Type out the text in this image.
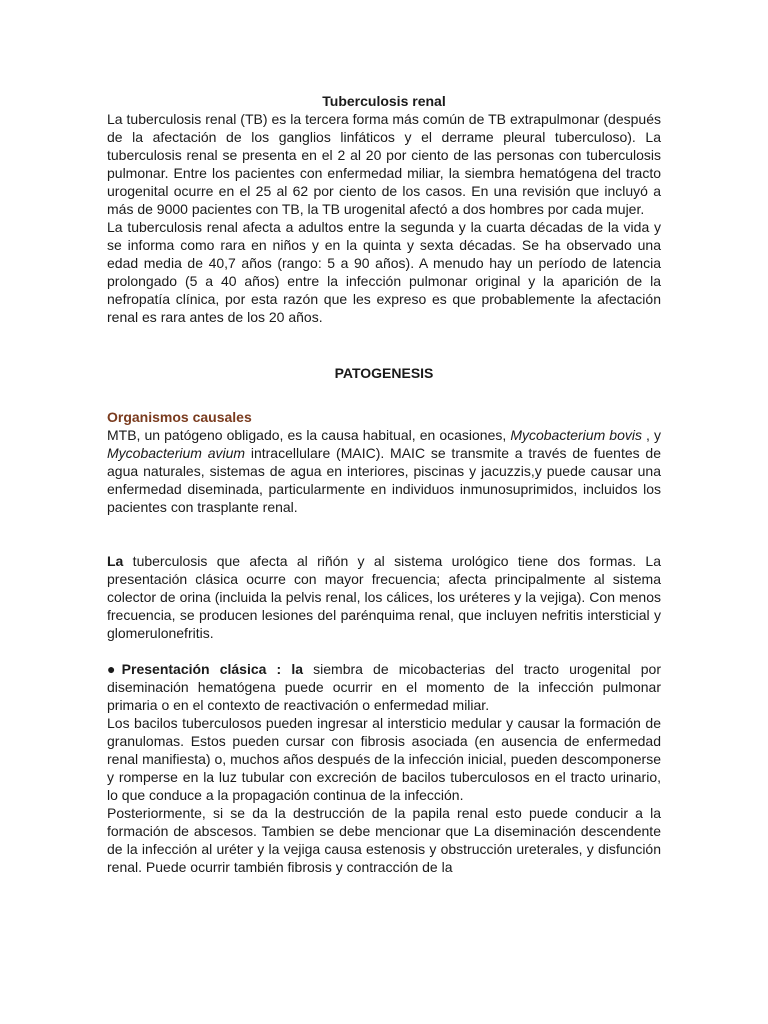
Tuberculosis renal

La tuberculosis renal (TB) es la tercera forma más común de TB extrapulmonar (después de la afectación de los ganglios linfáticos y el derrame pleural tuberculoso). La tuberculosis renal se presenta en el 2 al 20 por ciento de las personas con tuberculosis pulmonar. Entre los pacientes con enfermedad miliar, la siembra hematógena del tracto urogenital ocurre en el 25 al 62 por ciento de los casos. En una revisión que incluyó a más de 9000 pacientes con TB, la TB urogenital afectó a dos hombres por cada mujer.

La tuberculosis renal afecta a adultos entre la segunda y la cuarta décadas de la vida y se informa como rara en niños y en la quinta y sexta décadas. Se ha observado una edad media de 40,7 años (rango: 5 a 90 años). A menudo hay un período de latencia prolongado (5 a 40 años) entre la infección pulmonar original y la aparición de la nefropatía clínica, por esta razón que les expreso es que probablemente la afectación renal es rara antes de los 20 años.

PATOGENESIS
Organismos causales

MTB, un patógeno obligado, es la causa habitual, en ocasiones, Mycobacterium bovis , y Mycobacterium avium intracellulare (MAIC). MAIC se transmite a través de fuentes de agua naturales, sistemas de agua en interiores, piscinas y jacuzzis,y puede causar una enfermedad diseminada, particularmente en individuos inmunosuprimidos, incluidos los pacientes con trasplante renal.

La tuberculosis que afecta al riñón y al sistema urológico tiene dos formas. La presentación clásica ocurre con mayor frecuencia; afecta principalmente al sistema colector de orina (incluida la pelvis renal, los cálices, los uréteres y la vejiga). Con menos frecuencia, se producen lesiones del parénquima renal, que incluyen nefritis intersticial y glomerulonefritis.

●Presentación clásica : la siembra de micobacterias del tracto urogenital por diseminación hematógena puede ocurrir en el momento de la infección pulmonar primaria o en el contexto de reactivación o enfermedad miliar.

Los bacilos tuberculosos pueden ingresar al intersticio medular y causar la formación de granulomas. Estos pueden cursar con fibrosis asociada (en ausencia de enfermedad renal manifiesta) o, muchos años después de la infección inicial, pueden descomponerse y romperse en la luz tubular con excreción de bacilos tuberculosos en el tracto urinario, lo que conduce a la propagación continua de la infección.

Posteriormente, si se da la destrucción de la papila renal esto puede conducir a la formación de abscesos. Tambien se debe mencionar que La diseminación descendente de la infección al uréter y la vejiga causa estenosis y obstrucción ureterales, y disfunción renal. Puede ocurrir también fibrosis y contracción de la
